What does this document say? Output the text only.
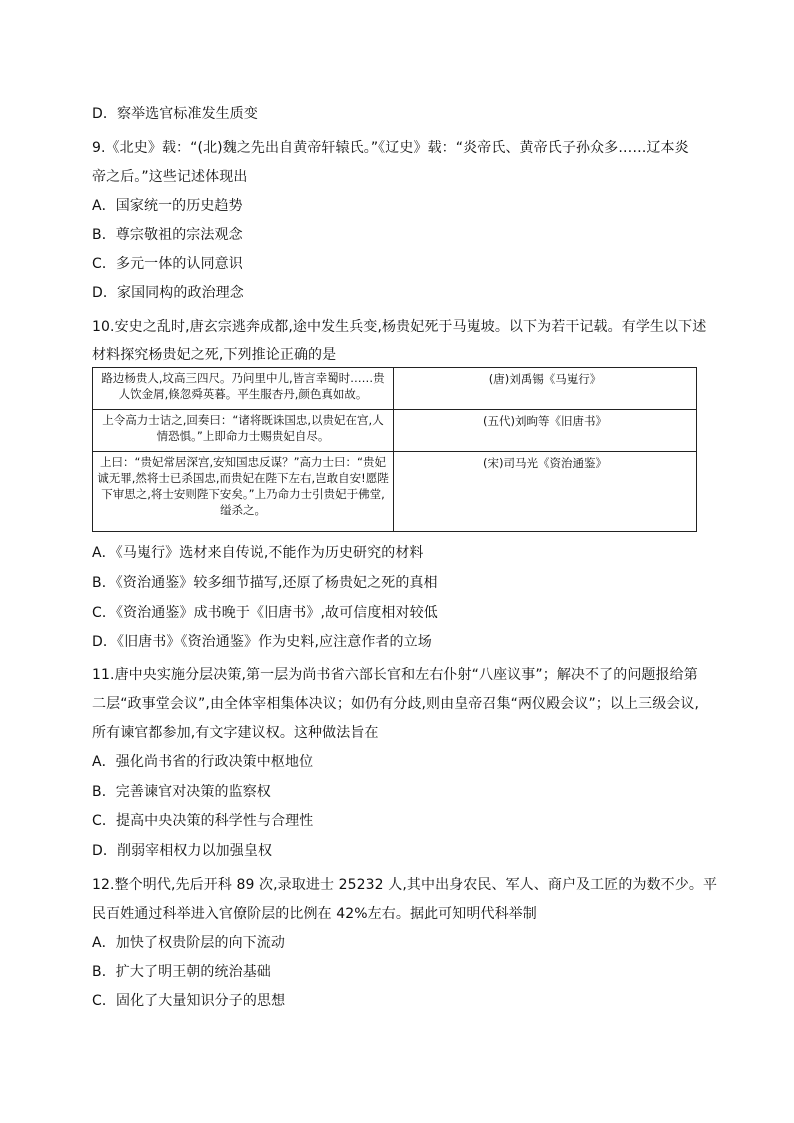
D．察举选官标准发生质变
9.《北史》载：“(北)魏之先出自黄帝轩辕氏。”《辽史》载：“炎帝氏、黄帝氏子孙众多……辽本炎
帝之后。”这些记述体现出
A．国家统一的历史趋势
B．尊宗敬祖的宗法观念
C．多元一体的认同意识
D．家国同构的政治理念
10.安史之乱时,唐玄宗逃奔成都,途中发生兵变,杨贵妃死于马嵬坡。以下为若干记载。有学生以下述
材料探究杨贵妃之死,下列推论正确的是
路边杨贵人,坟高三四尺。乃问里中儿,皆言幸蜀时……贵人饮金屑,倏忽舜英暮。平生服杏丹,颜色真如故。	(唐)刘禹锡《马嵬行》
上令高力士诘之,回奏曰：“诸将既诛国忠,以贵妃在宫,人情恐惧。”上即命力士赐贵妃自尽。	(五代)刘昫等《旧唐书》
上曰：“贵妃常居深宫,安知国忠反谋？”高力士曰：“贵妃诚无罪,然将士已杀国忠,而贵妃在陛下左右,岂敢自安!愿陛下审思之,将士安则陛下安矣。”上乃命力士引贵妃于佛堂,缢杀之。	(宋)司马光《资治通鉴》
A．《马嵬行》选材来自传说,不能作为历史研究的材料
B．《资治通鉴》较多细节描写,还原了杨贵妃之死的真相
C．《资治通鉴》成书晚于《旧唐书》,故可信度相对较低
D．《旧唐书》《资治通鉴》作为史料,应注意作者的立场
11.唐中央实施分层决策,第一层为尚书省六部长官和左右仆射“八座议事”；解决不了的问题报给第
二层“政事堂会议”,由全体宰相集体决议；如仍有分歧,则由皇帝召集“两仪殿会议”；以上三级会议,
所有谏官都参加,有文字建议权。这种做法旨在
A．强化尚书省的行政决策中枢地位
B．完善谏官对决策的监察权
C．提高中央决策的科学性与合理性
D．削弱宰相权力以加强皇权
12.整个明代,先后开科 89 次,录取进士 25232 人,其中出身农民、军人、商户及工匠的为数不少。平
民百姓通过科举进入官僚阶层的比例在 42%左右。据此可知明代科举制
A．加快了权贵阶层的向下流动
B．扩大了明王朝的统治基础
C．固化了大量知识分子的思想
